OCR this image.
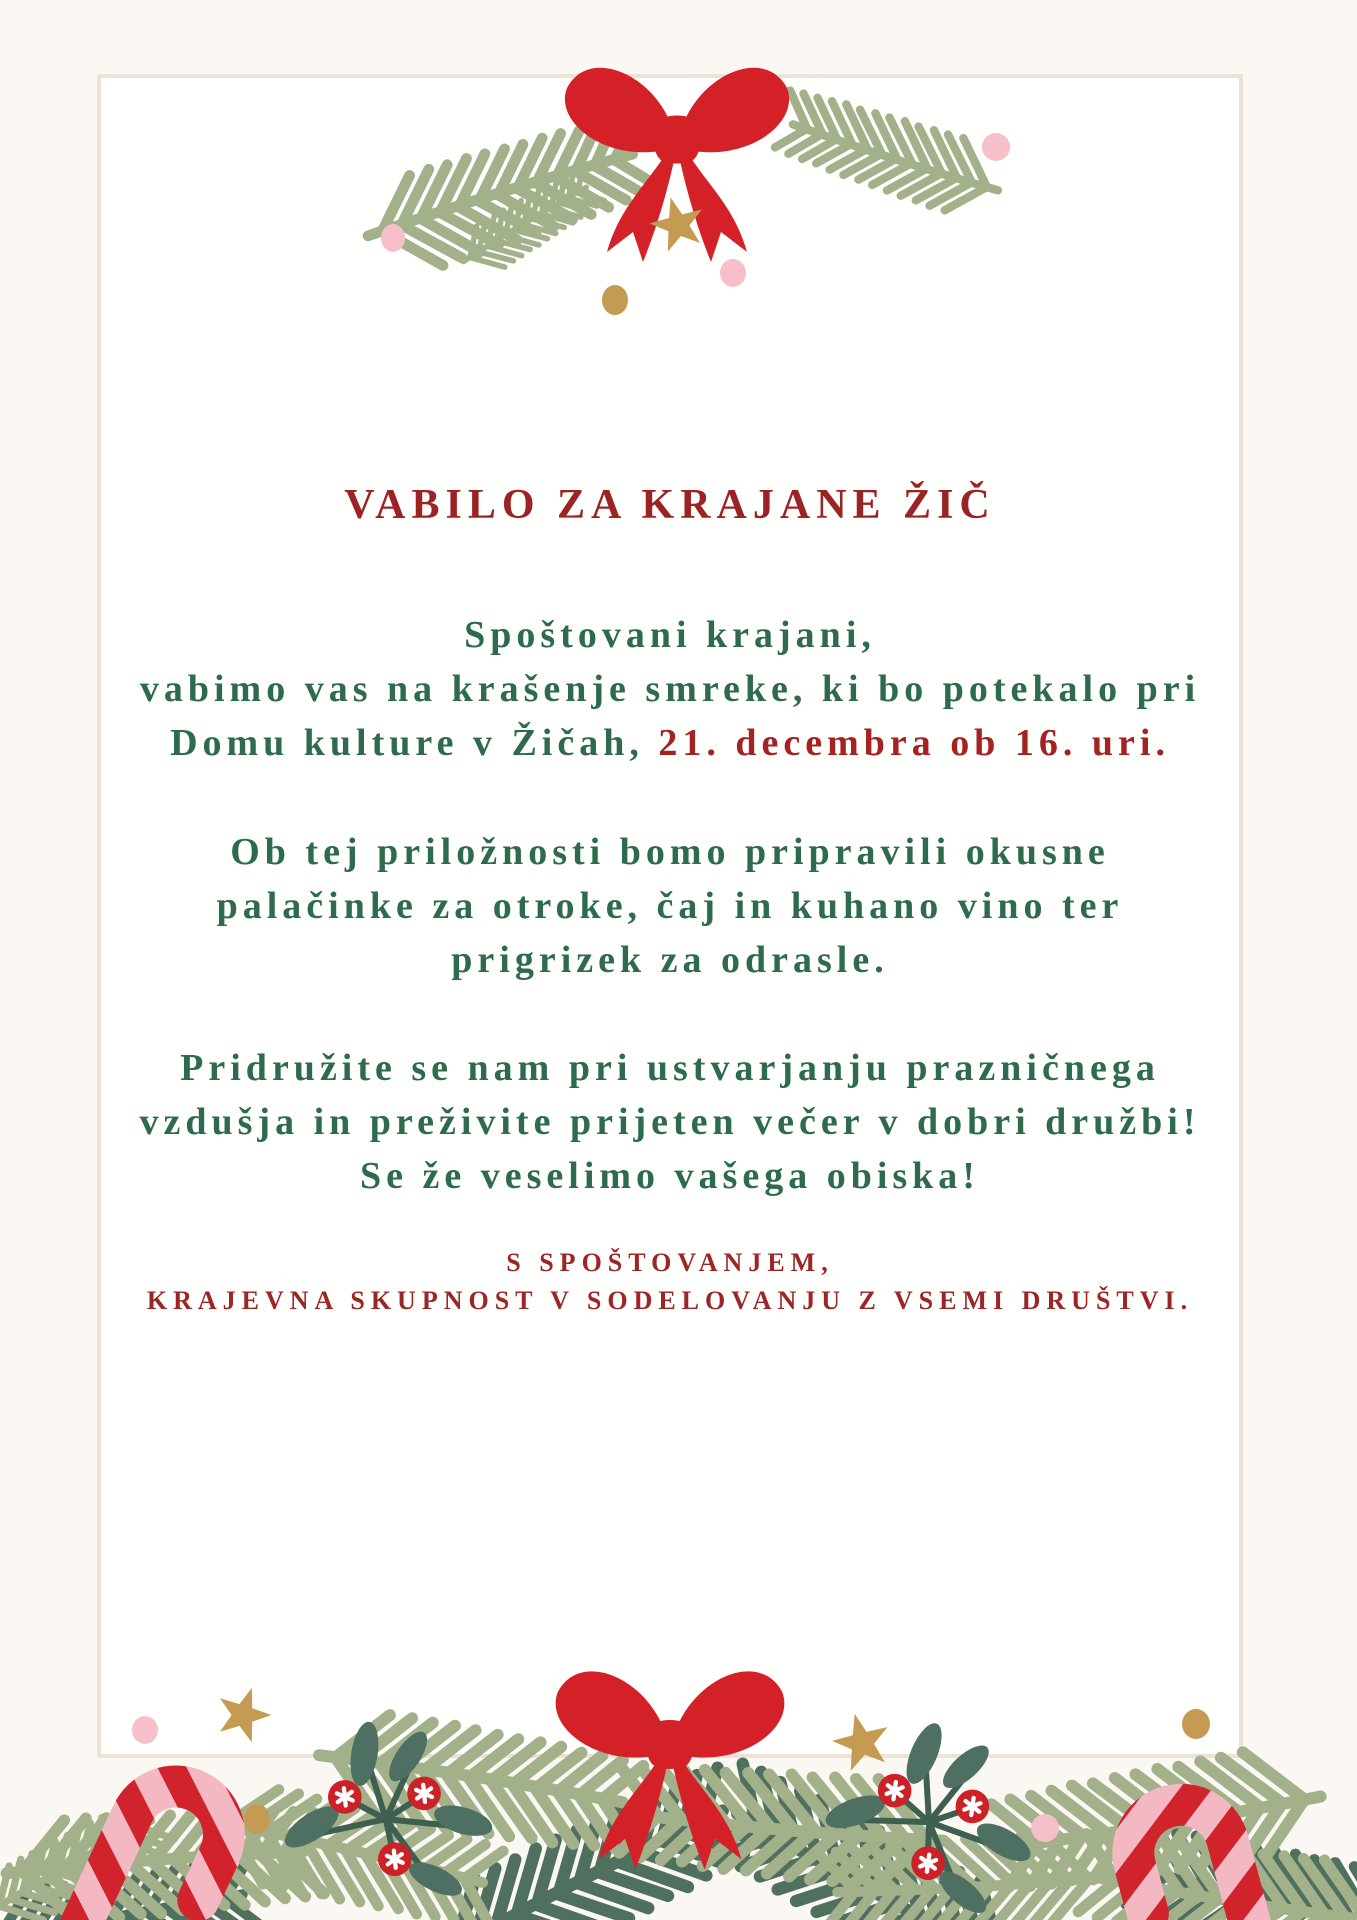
VABILO ZA KRAJANE ŽIČ

Spoštovani krajani,
vabimo vas na krašenje smreke, ki bo potekalo pri
Domu kulture v Žičah, 21. decembra ob 16. uri.

Ob tej priložnosti bomo pripravili okusne
palačinke za otroke, čaj in kuhano vino ter
prigrizek za odrasle.

Pridružite se nam pri ustvarjanju prazničnega
vzdušja in preživite prijeten večer v dobri družbi!
Se že veselimo vašega obiska!

S SPOŠTOVANJEM,
KRAJEVNA SKUPNOST V SODELOVANJU Z VSEMI DRUŠTVI.
